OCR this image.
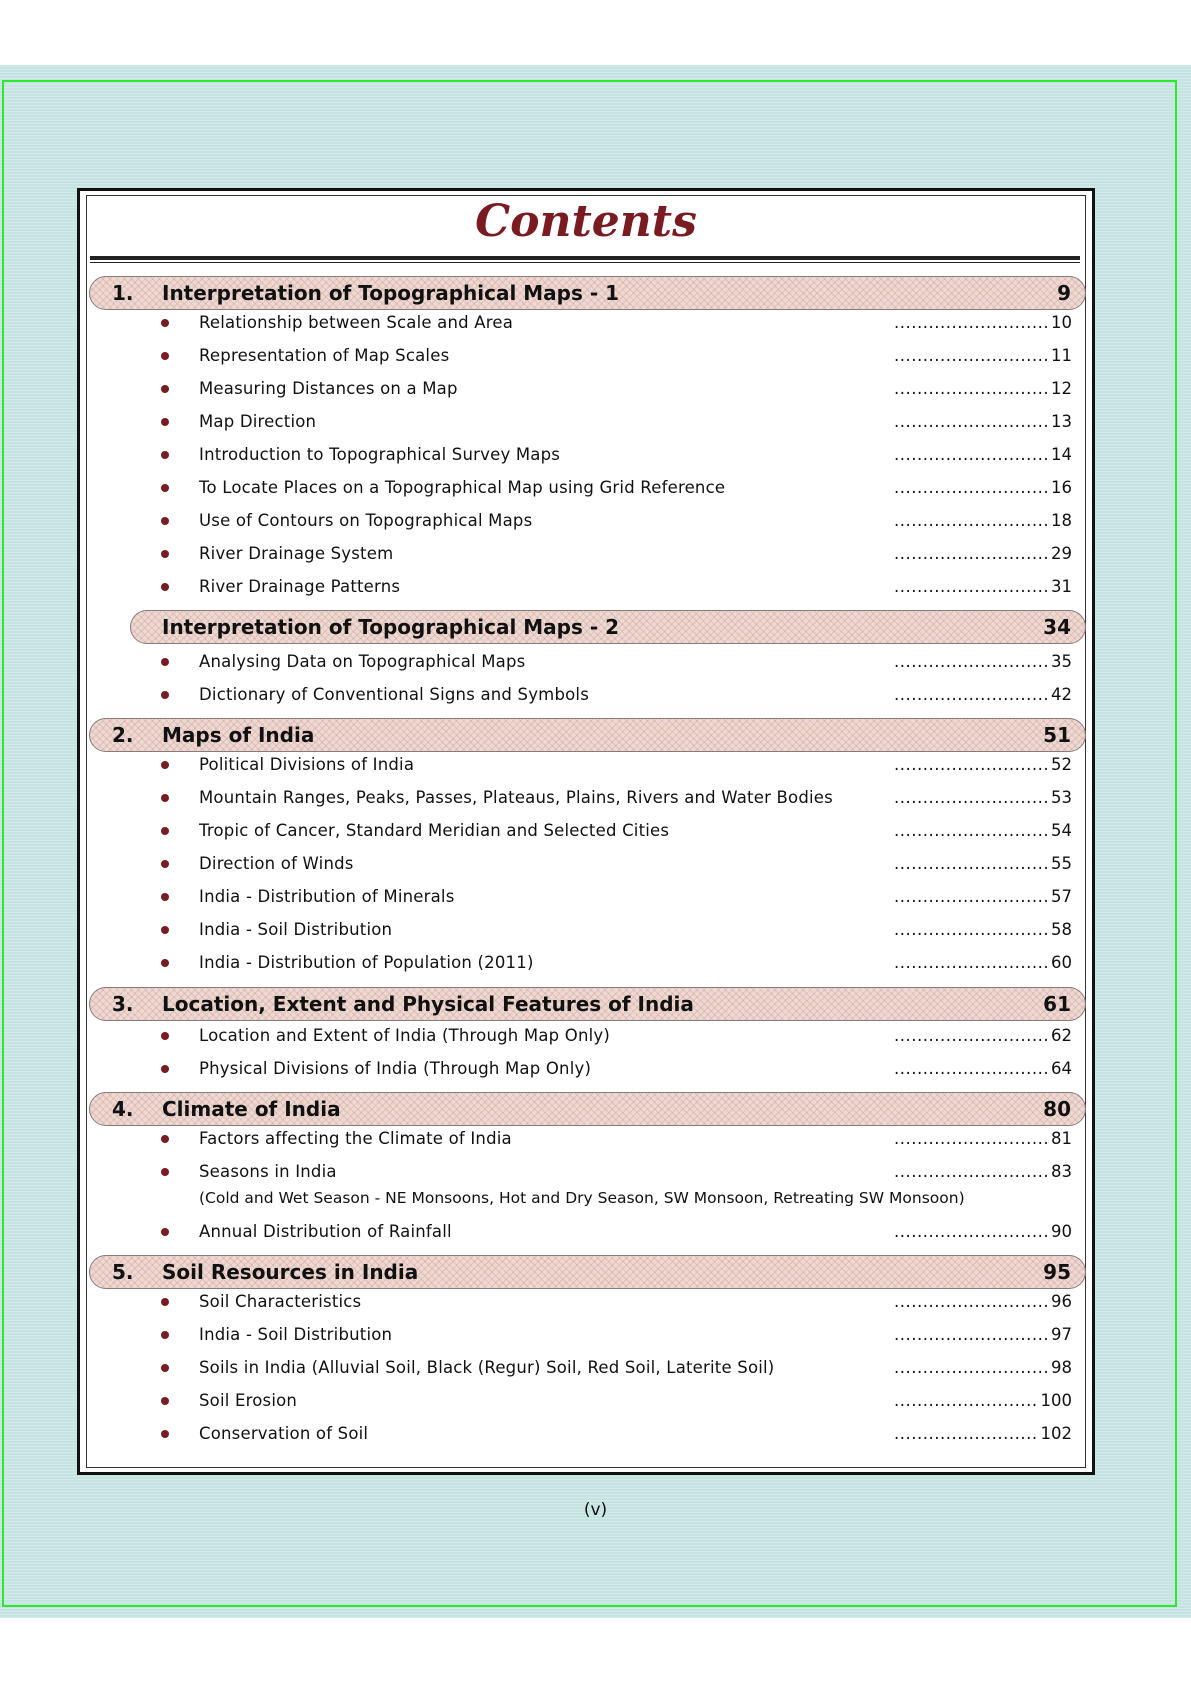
Contents
1. Interpretation of Topographical Maps - 1	9
Relationship between Scale and Area	........................... 10
Representation of Map Scales	........................... 11
Measuring Distances on a Map	........................... 12
Map Direction	........................... 13
Introduction to Topographical Survey Maps	........................... 14
To Locate Places on a Topographical Map using Grid Reference	........................... 16
Use of Contours on Topographical Maps	........................... 18
River Drainage System	........................... 29
River Drainage Patterns	........................... 31
Interpretation of Topographical Maps - 2	34
Analysing Data on Topographical Maps	........................... 35
Dictionary of Conventional Signs and Symbols	........................... 42
2. Maps of India	51
Political Divisions of India	........................... 52
Mountain Ranges, Peaks, Passes, Plateaus, Plains, Rivers and Water Bodies	........................... 53
Tropic of Cancer, Standard Meridian and Selected Cities	........................... 54
Direction of Winds	........................... 55
India - Distribution of Minerals	........................... 57
India - Soil Distribution	........................... 58
India - Distribution of Population (2011)	........................... 60
3. Location, Extent and Physical Features of India	61
Location and Extent of India (Through Map Only)	........................... 62
Physical Divisions of India (Through Map Only)	........................... 64
4. Climate of India	80
Factors affecting the Climate of India	........................... 81
Seasons in India	........................... 83
(Cold and Wet Season - NE Monsoons, Hot and Dry Season, SW Monsoon, Retreating SW Monsoon)
Annual Distribution of Rainfall	........................... 90
5. Soil Resources in India	95
Soil Characteristics	........................... 96
India - Soil Distribution	........................... 97
Soils in India (Alluvial Soil, Black (Regur) Soil, Red Soil, Laterite Soil)	........................... 98
Soil Erosion	......................... 100
Conservation of Soil	......................... 102
(v)
